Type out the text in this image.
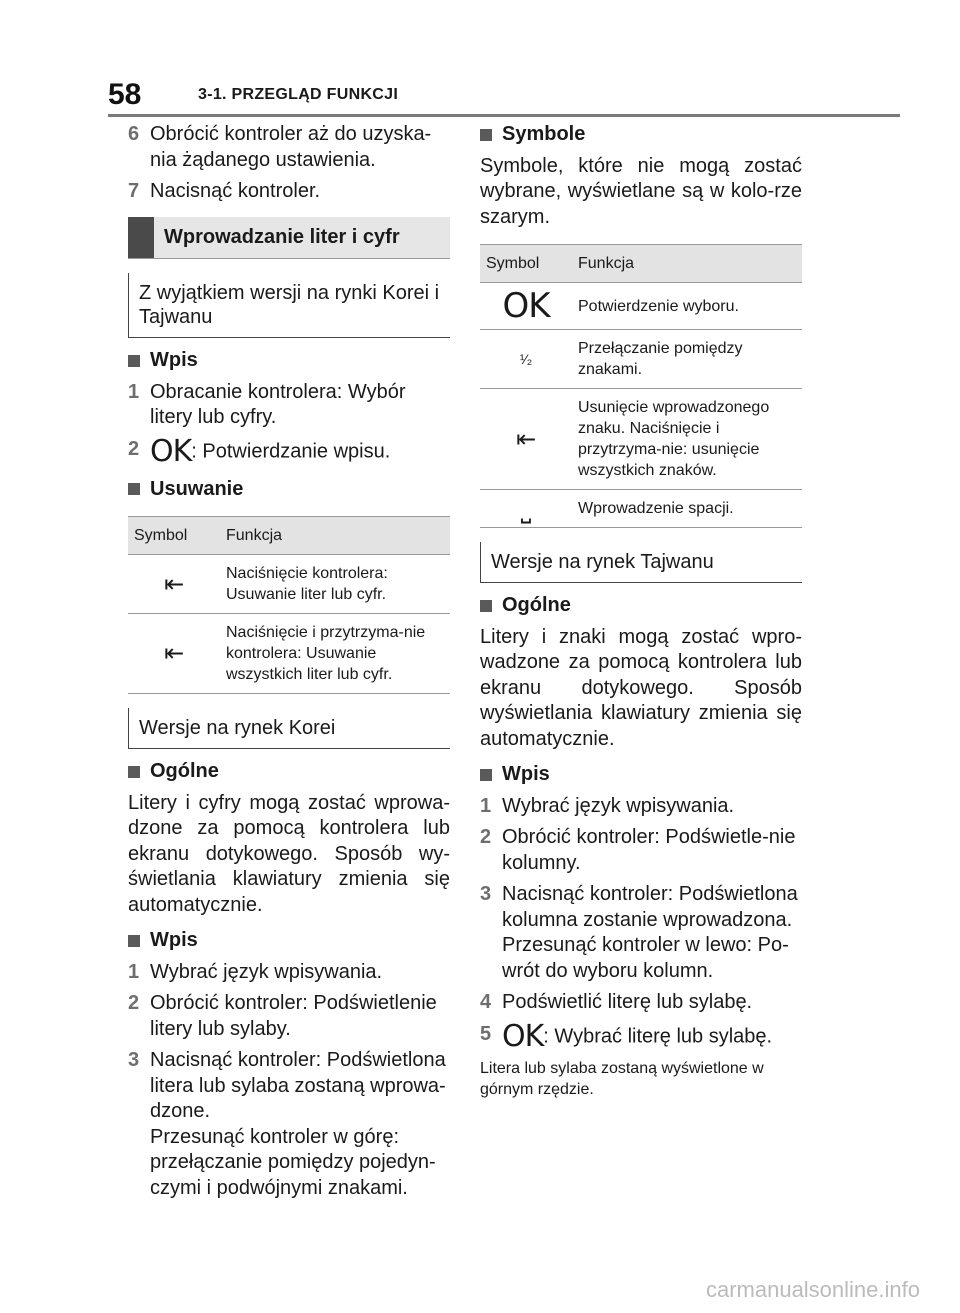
58	3-1. PRZEGLĄD FUNKCJI
6 Obrócić kontroler aż do uzyska-nia żądanego ustawienia.
7 Nacisnąć kontroler.
Wprowadzanie liter i cyfr
Z wyjątkiem wersji na rynki Korei i Tajwanu
Wpis
1 Obracanie kontrolera: Wybór litery lub cyfry.
2 OK: Potwierdzanie wpisu.
Usuwanie
Symbol	Funkcja
⇤	Naciśnięcie kontrolera: Usuwanie liter lub cyfr.
⇤	Naciśnięcie i przytrzyma-nie kontrolera: Usuwanie wszystkich liter lub cyfr.
Wersje na rynek Korei
Ogólne
Litery i cyfry mogą zostać wprowa-dzone za pomocą kontrolera lub ekranu dotykowego. Sposób wy-świetlania klawiatury zmienia się automatycznie.
Wpis
1 Wybrać język wpisywania.
2 Obrócić kontroler: Podświetlenie litery lub sylaby.
3 Nacisnąć kontroler: Podświetlona litera lub sylaba zostaną wprowa-dzone.
Przesunąć kontroler w górę: przełączanie pomiędzy pojedyn-czymi i podwójnymi znakami.
Symbole
Symbole, które nie mogą zostać wybrane, wyświetlane są w kolo-rze szarym.
Symbol	Funkcja
OK	Potwierdzenie wyboru.
¹⁄₂	Przełączanie pomiędzy znakami.
⇤	Usunięcie wprowadzonego znaku. Naciśnięcie i przytrzyma-nie: usunięcie wszystkich znaków.
⎵	Wprowadzenie spacji.
Wersje na rynek Tajwanu
Ogólne
Litery i znaki mogą zostać wpro-wadzone za pomocą kontrolera lub ekranu dotykowego. Sposób wyświetlania klawiatury zmienia się automatycznie.
Wpis
1 Wybrać język wpisywania.
2 Obrócić kontroler: Podświetle-nie kolumny.
3 Nacisnąć kontroler: Podświetlona kolumna zostanie wprowadzona. Przesunąć kontroler w lewo: Po-wrót do wyboru kolumn.
4 Podświetlić literę lub sylabę.
5 OK: Wybrać literę lub sylabę.
Litera lub sylaba zostaną wyświetlone w górnym rzędzie.
carmanualsonline.info
